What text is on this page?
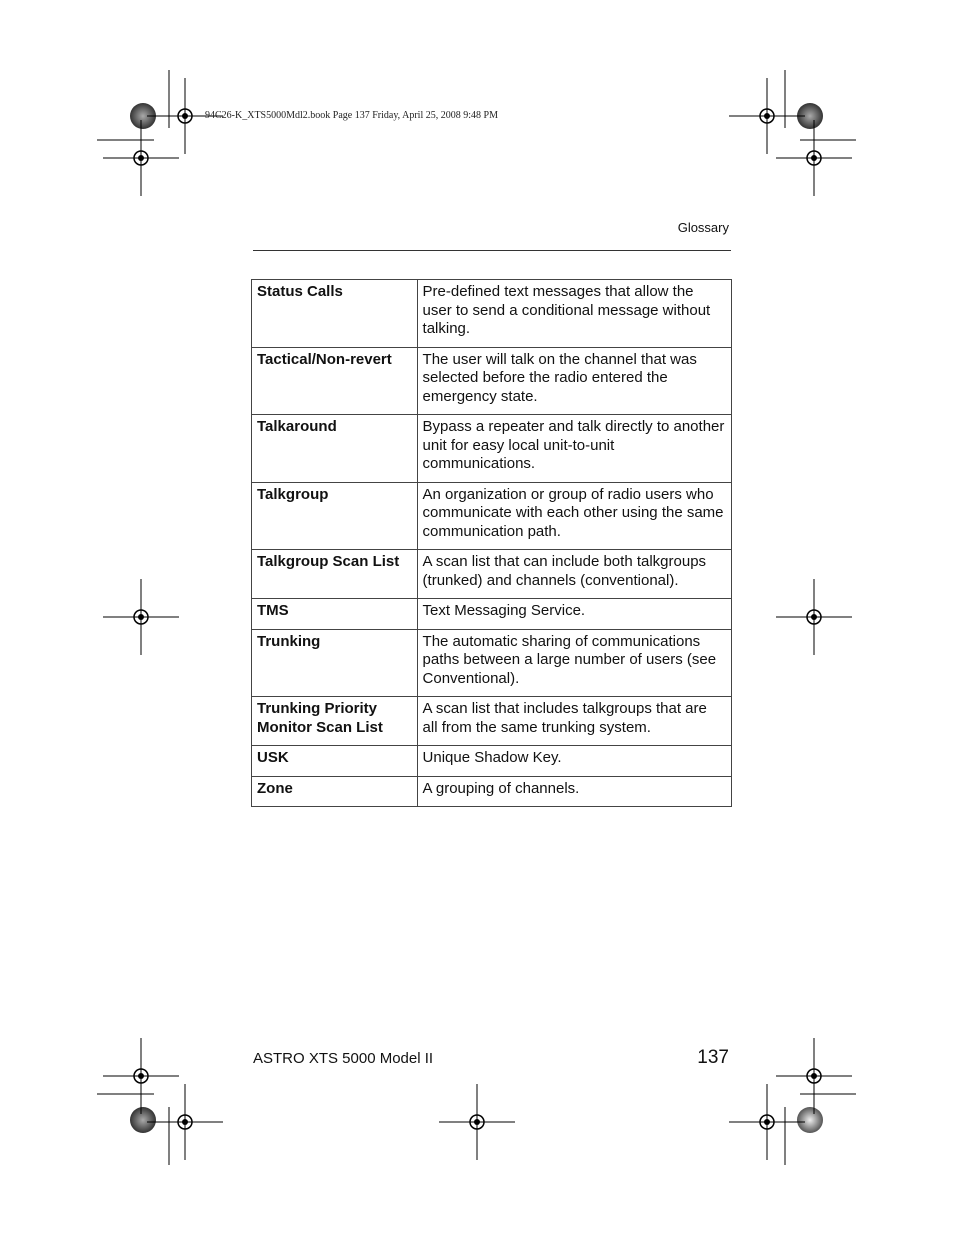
94C26-K_XTS5000Mdl2.book Page 137 Friday, April 25, 2008 9:48 PM
Glossary
Status Calls	Pre-defined text messages that allow the user to send a conditional message without talking.
Tactical/Non-revert	The user will talk on the channel that was selected before the radio entered the emergency state.
Talkaround	Bypass a repeater and talk directly to another unit for easy local unit-to-unit communications.
Talkgroup	An organization or group of radio users who communicate with each other using the same communication path.
Talkgroup Scan List	A scan list that can include both talkgroups (trunked) and channels (conventional).
TMS	Text Messaging Service.
Trunking	The automatic sharing of communications paths between a large number of users (see Conventional).
Trunking Priority Monitor Scan List	A scan list that includes talkgroups that are all from the same trunking system.
USK	Unique Shadow Key.
Zone	A grouping of channels.
ASTRO XTS 5000 Model II	137
